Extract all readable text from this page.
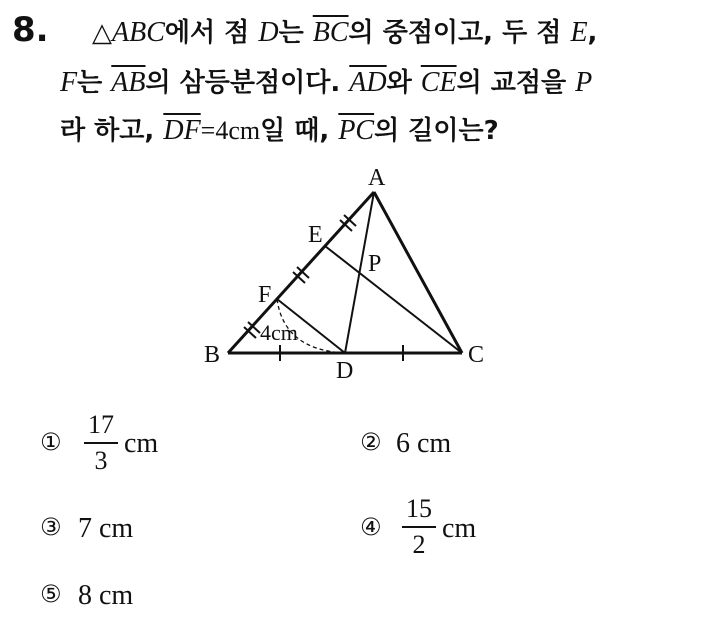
8. △ABC에서 점 D는 $\overline{BC}$의 중점이고, 두 점 E,
F는 $\overline{AB}$의 삼등분점이다. $\overline{AD}$와 $\overline{CE}$의 교점을 P
라 하고, $\overline{DF}=4cm$일 때, $\overline{PC}$의 길이는?
A
B	C
D
E
F
P
4cm
①
17
3
cm	② 6 cm
③ 7 cm	④
15
2
cm
⑤ 8 cm
